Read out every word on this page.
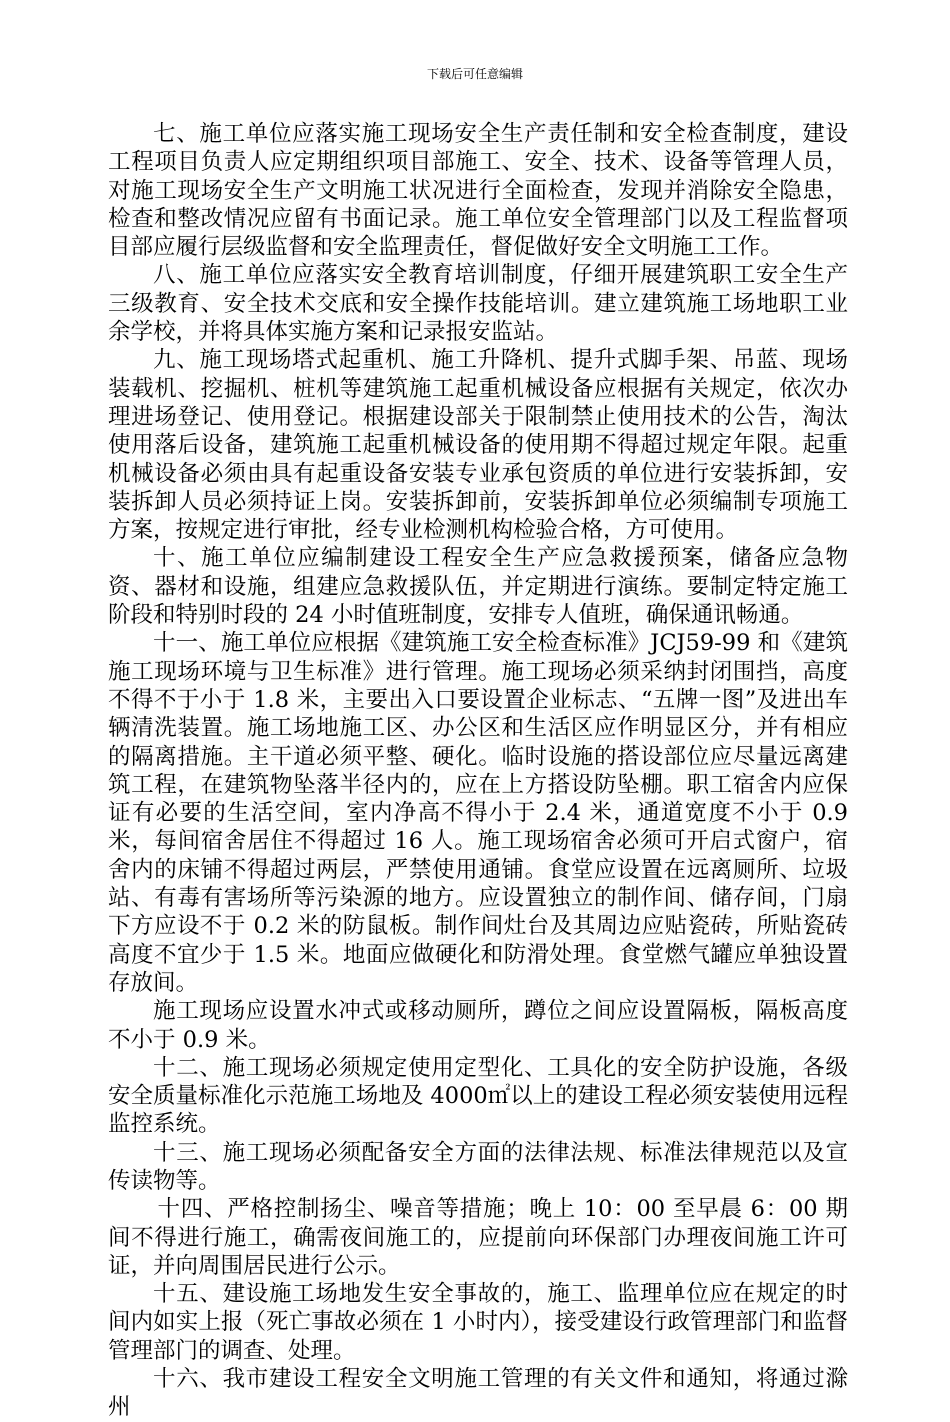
下载后可任意编辑

七、施工单位应落实施工现场安全生产责任制和安全检查制度，建设工程项目负责人应定期组织项目部施工、安全、技术、设备等管理人员，对施工现场安全生产文明施工状况进行全面检查，发现并消除安全隐患，检查和整改情况应留有书面记录。施工单位安全管理部门以及工程监督项目部应履行层级监督和安全监理责任，督促做好安全文明施工工作。

八、施工单位应落实安全教育培训制度，仔细开展建筑职工安全生产三级教育、安全技术交底和安全操作技能培训。建立建筑施工场地职工业余学校，并将具体实施方案和记录报安监站。

九、施工现场塔式起重机、施工升降机、提升式脚手架、吊蓝、现场装载机、挖掘机、桩机等建筑施工起重机械设备应根据有关规定，依次办理进场登记、使用登记。根据建设部关于限制禁止使用技术的公告，淘汰使用落后设备，建筑施工起重机械设备的使用期不得超过规定年限。起重机械设备必须由具有起重设备安装专业承包资质的单位进行安装拆卸，安装拆卸人员必须持证上岗。安装拆卸前，安装拆卸单位必须编制专项施工方案，按规定进行审批，经专业检测机构检验合格，方可使用。

十、施工单位应编制建设工程安全生产应急救援预案，储备应急物资、器材和设施，组建应急救援队伍，并定期进行演练。要制定特定施工阶段和特别时段的 24 小时值班制度，安排专人值班，确保通讯畅通。

十一、施工单位应根据《建筑施工安全检查标准》JCJ59-99 和《建筑施工现场环境与卫生标准》进行管理。施工现场必须采纳封闭围挡，高度不得不于小于 1.8 米，主要出入口要设置企业标志、“五牌一图”及进出车辆清洗装置。施工场地施工区、办公区和生活区应作明显区分，并有相应的隔离措施。主干道必须平整、硬化。临时设施的搭设部位应尽量远离建筑工程，在建筑物坠落半径内的，应在上方搭设防坠棚。职工宿舍内应保证有必要的生活空间，室内净高不得小于 2.4 米，通道宽度不小于 0.9 米，每间宿舍居住不得超过 16 人。施工现场宿舍必须可开启式窗户，宿舍内的床铺不得超过两层，严禁使用通铺。食堂应设置在远离厕所、垃圾站、有毒有害场所等污染源的地方。应设置独立的制作间、储存间，门扇下方应设不于 0.2 米的防鼠板。制作间灶台及其周边应贴瓷砖，所贴瓷砖高度不宜少于 1.5 米。地面应做硬化和防滑处理。食堂燃气罐应单独设置存放间。

施工现场应设置水冲式或移动厕所，蹲位之间应设置隔板，隔板高度不小于 0.9 米。

十二、施工现场必须规定使用定型化、工具化的安全防护设施，各级安全质量标准化示范施工场地及 4000㎡以上的建设工程必须安装使用远程监控系统。

十三、施工现场必须配备安全方面的法律法规、标准法律规范以及宣传读物等。

十四、严格控制扬尘、噪音等措施；晚上 10：00 至早晨 6：00 期间不得进行施工，确需夜间施工的，应提前向环保部门办理夜间施工许可证，并向周围居民进行公示。

十五、建设施工场地发生安全事故的，施工、监理单位应在规定的时间内如实上报（死亡事故必须在 1 小时内），接受建设行政管理部门和监督管理部门的调查、处理。

十六、我市建设工程安全文明施工管理的有关文件和通知，将通过滁州
